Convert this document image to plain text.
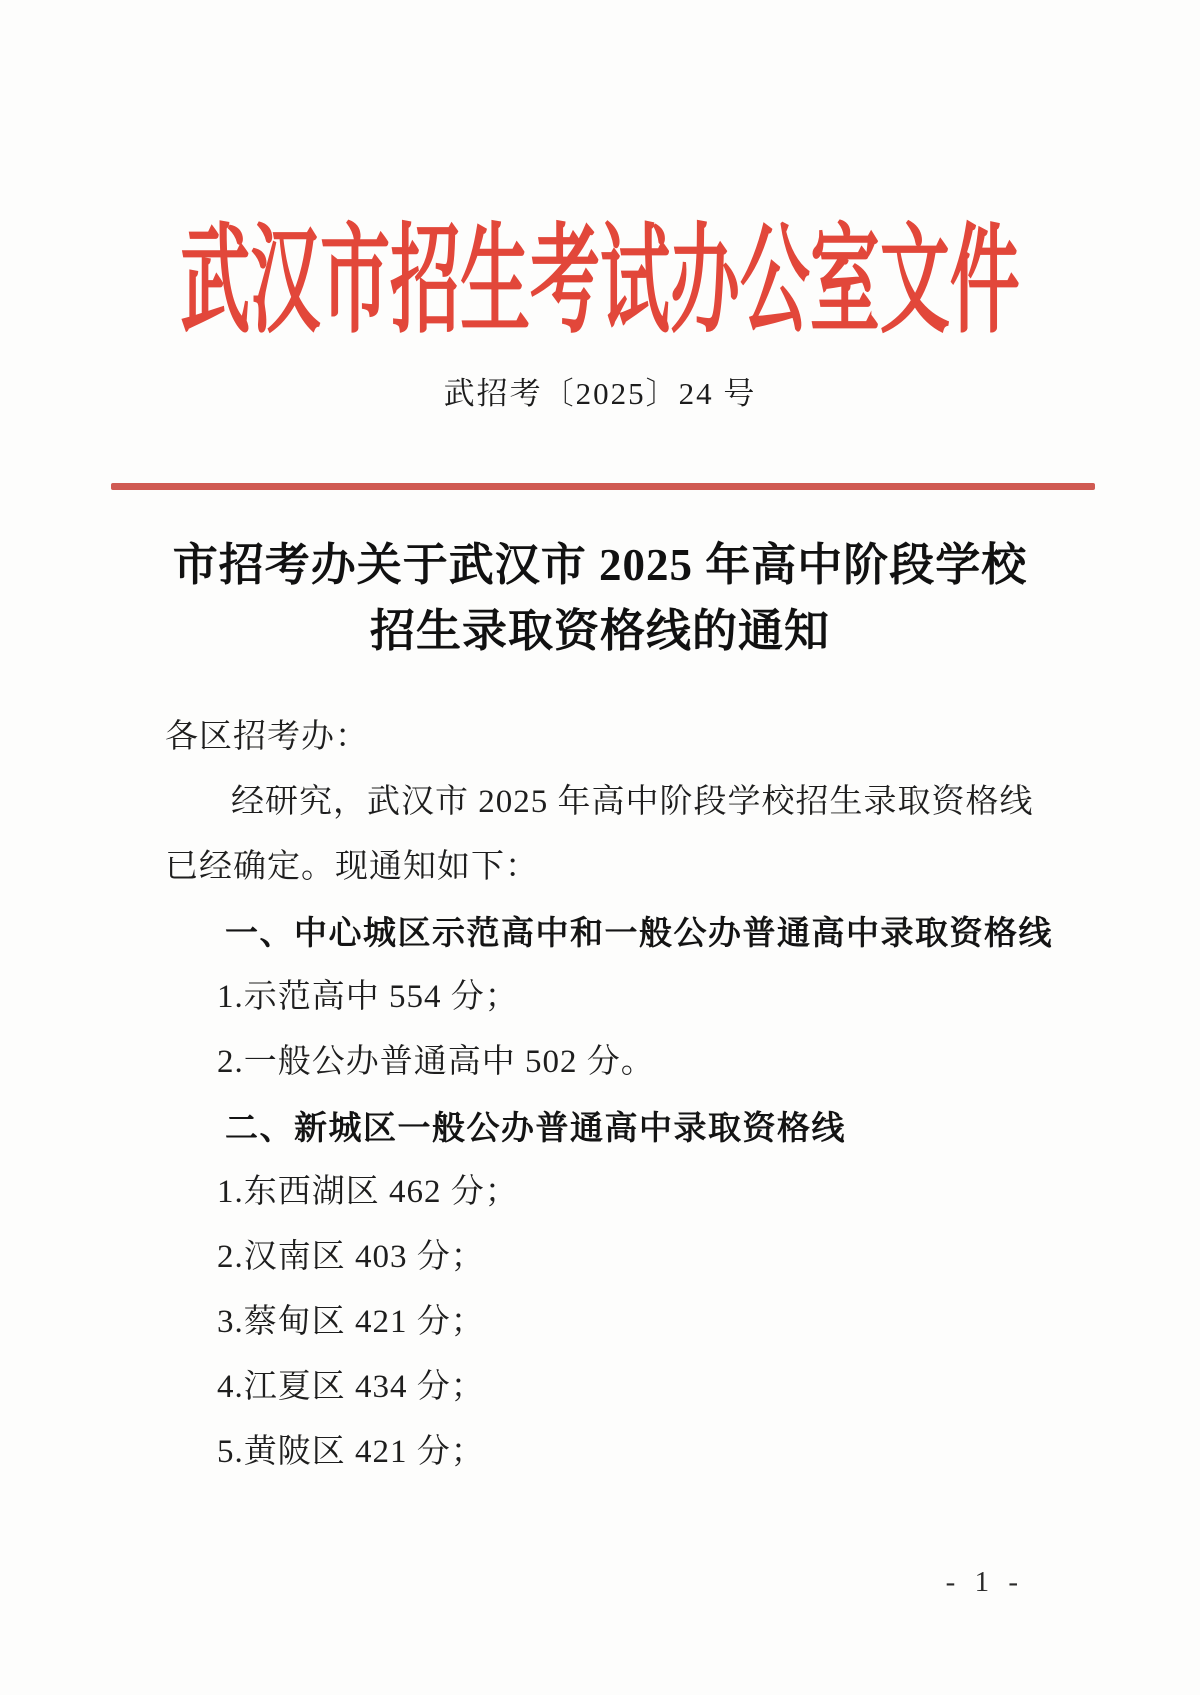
武汉市招生考试办公室文件
武招考〔2025〕24 号
市招考办关于武汉市 2025 年高中阶段学校
招生录取资格线的通知

各区招考办：

经研究，武汉市 2025 年高中阶段学校招生录取资格线

已经确定。现通知如下：

一、中心城区示范高中和一般公办普通高中录取资格线

1.示范高中 554 分；

2.一般公办普通高中 502 分。

二、新城区一般公办普通高中录取资格线

1.东西湖区 462 分；

2.汉南区 403 分；

3.蔡甸区 421 分；

4.江夏区 434 分；

5.黄陂区 421 分；

- 1 -
